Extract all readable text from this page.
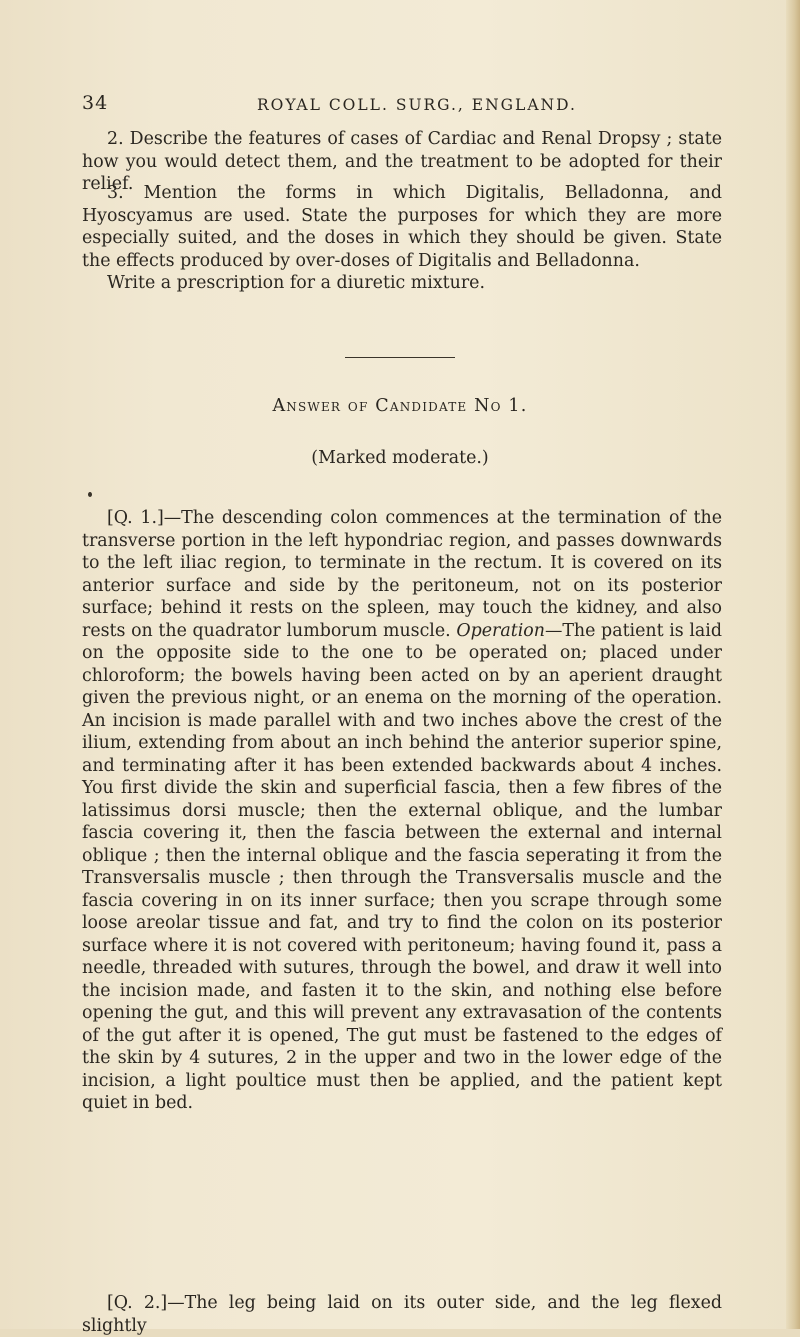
34	ROYAL COLL. SURG., ENGLAND.

2. Describe the features of cases of Cardiac and Renal Dropsy ; state how you would detect them, and the treatment to be adopted for their relief.

3. Mention the forms in which Digitalis, Belladonna, and Hyoscyamus are used. State the purposes for which they are more especially suited, and the doses in which they should be given. State the effects produced by over-doses of Digitalis and Belladonna.

Write a prescription for a diuretic mixture.

Answer of Candidate No 1.
(Marked moderate.)

[Q. 1.]—The descending colon commences at the termination of the transverse portion in the left hypondriac region, and passes downwards to the left iliac region, to terminate in the rectum. It is covered on its anterior surface and side by the peritoneum, not on its posterior surface; behind it rests on the spleen, may touch the kidney, and also rests on the quadrator lumborum muscle. Operation—The patient is laid on the opposite side to the one to be operated on; placed under chloroform; the bowels having been acted on by an aperient draught given the previous night, or an enema on the morning of the operation. An incision is made parallel with and two inches above the crest of the ilium, extending from about an inch behind the anterior superior spine, and terminating after it has been extended backwards about 4 inches. You first divide the skin and superficial fascia, then a few fibres of the latissimus dorsi muscle; then the external oblique, and the lumbar fascia covering it, then the fascia between the external and internal oblique ; then the internal oblique and the fascia seperating it from the Transversalis muscle ; then through the Transversalis muscle and the fascia covering in on its inner surface; then you scrape through some loose areolar tissue and fat, and try to find the colon on its posterior surface where it is not covered with peritoneum; having found it, pass a needle, threaded with sutures, through the bowel, and draw it well into the incision made, and fasten it to the skin, and nothing else before opening the gut, and this will prevent any extravasation of the contents of the gut after it is opened, The gut must be fastened to the edges of the skin by 4 sutures, 2 in the upper and two in the lower edge of the incision, a light poultice must then be applied, and the patient kept quiet in bed.

[Q. 2.]—The leg being laid on its outer side, and the leg flexed slightly
